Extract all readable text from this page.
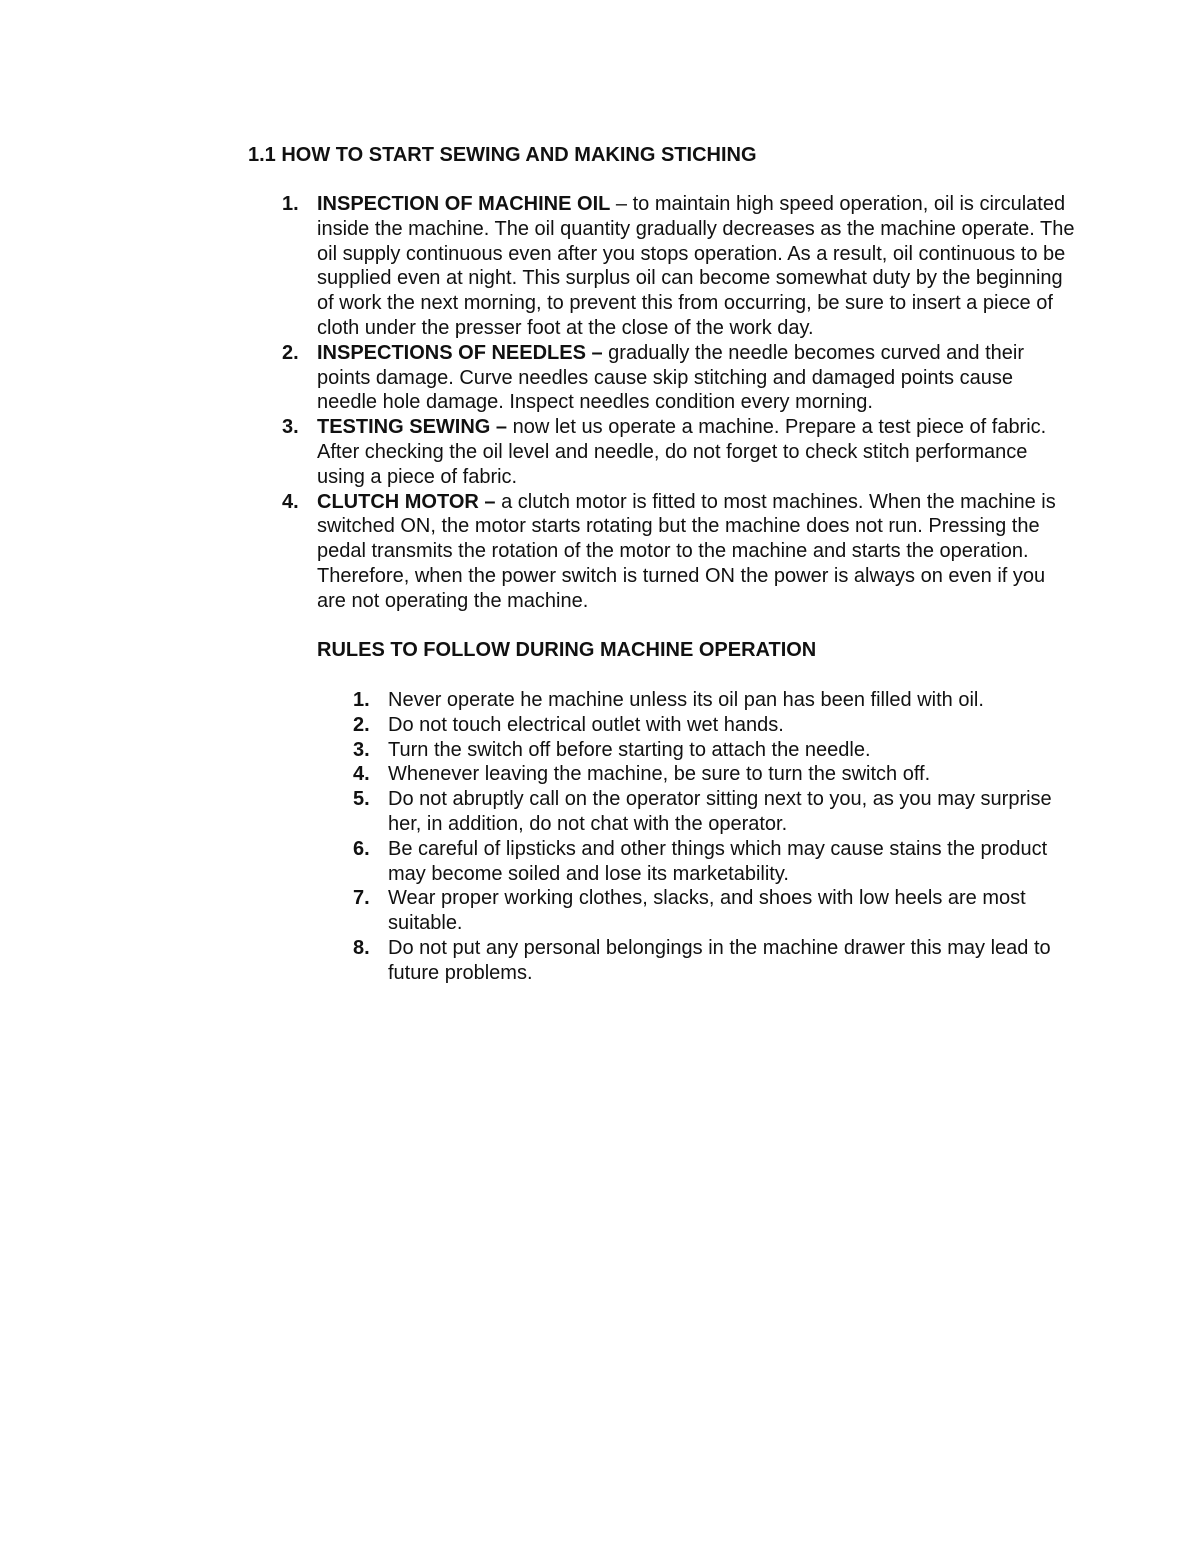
1.1 HOW TO START SEWING AND MAKING STICHING
1. INSPECTION OF MACHINE OIL – to maintain high speed operation, oil is circulated inside the machine. The oil quantity gradually decreases as the machine operate. The oil supply continuous even after you stops operation. As a result, oil continuous to be supplied even at night. This surplus oil can become somewhat duty by the beginning of work the next morning, to prevent this from occurring, be sure to insert a piece of cloth under the presser foot at the close of the work day.
2. INSPECTIONS OF NEEDLES – gradually the needle becomes curved and their points damage. Curve needles cause skip stitching and damaged points cause needle hole damage. Inspect needles condition every morning.
3. TESTING SEWING – now let us operate a machine. Prepare a test piece of fabric. After checking the oil level and needle, do not forget to check stitch performance using a piece of fabric.
4. CLUTCH MOTOR – a clutch motor is fitted to most machines. When the machine is switched ON, the motor starts rotating but the machine does not run. Pressing the pedal transmits the rotation of the motor to the machine and starts the operation. Therefore, when the power switch is turned ON the power is always on even if you are not operating the machine.
RULES TO FOLLOW DURING MACHINE OPERATION
1. Never operate he machine unless its oil pan has been filled with oil.
2. Do not touch electrical outlet with wet hands.
3. Turn the switch off before starting to attach the needle.
4. Whenever leaving the machine, be sure to turn the switch off.
5. Do not abruptly call on the operator sitting next to you, as you may surprise her, in addition, do not chat with the operator.
6. Be careful of lipsticks and other things which may cause stains the product may become soiled and lose its marketability.
7. Wear proper working clothes, slacks, and shoes with low heels are most suitable.
8. Do not put any personal belongings in the machine drawer this may lead to future problems.
